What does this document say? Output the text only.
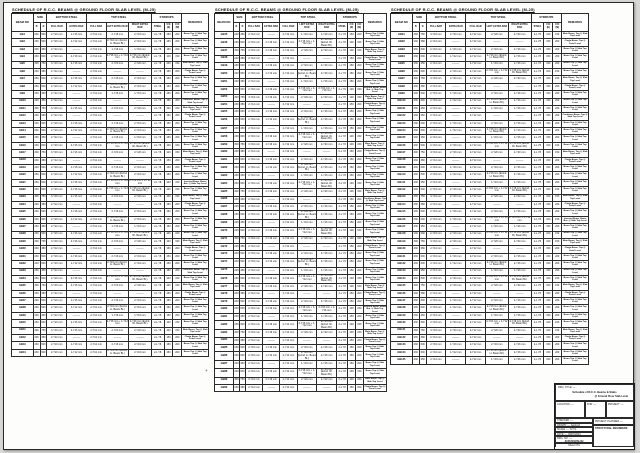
SCHEDULE OF R.C.C. BEAMS @ GROUND FLOOR SLAB LEVEL (M-25)
BEAM NO	SIZE		BOTTOM STEEL		TOP STEEL			STIRRUPS			REMARKS
	B	D	FULL BAR	EXTRA BAR	FULL BAR	LEFT EXTRA BAR	RIGHT EXTRA BAR	STEEL	C/C (E)	C/C (M)	
GB1	230	600	2-Y16 mm	1-Y16 mm	2-Y12 mm	2-Y16 mm	2-Y16 mm	2-L Y8	150	200	Beam Top @ Slab Top Level
GB2	230	600	2-Y16 mm	1-Y12 mm	2-Y12 mm	2-Y16 mm (Extnd. Lt. Beam Bt.)	2-Y16 mm	2-L Y8	150	200	Beam Top @ Slab Top Level
GB3	230	450	2-Y12 mm	———	2-Y12 mm	1-Y16 mm	1-Y16 mm	2-L Y8	150	200	Beam Top @ Slab Top Level
GB4	230	600	2-Y16 mm	2-Y16 mm	2-Y12 mm	2-Y16 mm + 1-Y12 mm	2-Y16 mm (Extnd. Rt. Beam Bt.)	2-L Y8	100	150	Beam Top @ Slab Top Level
GB5	300	750	3-Y16 mm	2-Y16 mm	2-Y12 mm	2-Y20 mm	2-Y20 mm	2-L Y8	100	150	Main Beam, Top @ Slab Top Level
GB6	230	380	2-Y12 mm	———	2-Y12 mm	———	———	2-L Y8	150	200	Chajja Beam, Top @ Lintel Level
GB7	230	600	2-Y16 mm	1-Y16 mm	2-Y12 mm	2-Y16 mm	2-Y16 mm	2-L Y8	150	200	Beam Top @ Slab Top Level
GB8	230	600	2-Y16 mm	1-Y12 mm	2-Y12 mm	2-Y16 mm (Extnd. Lt. Beam Bt.)	2-Y16 mm	2-L Y8	150	200	Beam Top @ Slab Top Level
GB9	230	450	2-Y12 mm	———	2-Y12 mm	1-Y16 mm	1-Y16 mm	2-L Y8	150	200	Beam Top @ Slab Top Level
GB10	230	450	2-Y12 mm	———	2-Y12 mm	———	———	2-L Y8	150	200	Cantilever Beam, Top @ Slab Top Level
GB11	300	750	3-Y16 mm	2-Y16 mm	2-Y12 mm	2-Y20 mm	2-Y20 mm	2-L Y8	100	150	Main Beam, Top @ Slab Top Level
GB12	230	380	2-Y12 mm	———	2-Y12 mm	———	———	2-L Y8	150	200	Chajja Beam, Top @ Lintel Level
GB13	230	600	2-Y16 mm	1-Y16 mm	2-Y12 mm	2-Y16 mm	2-Y16 mm	2-L Y8	150	200	Beam Top @ Slab Top Level
GB14	230	600	2-Y16 mm	1-Y12 mm	2-Y12 mm	2-Y16 mm (Extnd. Lt. Beam Bt.)	2-Y16 mm	2-L Y8	150	200	Beam Top @ Slab Top Level
GB15	230	450	2-Y12 mm	———	2-Y12 mm	1-Y16 mm	1-Y16 mm	2-L Y8	150	200	Beam Top @ Slab Top Level
GB16	230	600	2-Y16 mm	2-Y16 mm	2-Y12 mm	2-Y16 mm + 1-Y12 mm	2-Y16 mm (Extnd. Rt. Beam Bt.)	2-L Y8	100	150	Beam Top @ Slab Top Level
GB17	300	750	3-Y16 mm	2-Y16 mm	2-Y12 mm	2-Y20 mm	2-Y20 mm	2-L Y8	100	150	Main Beam, Top @ Slab Top Level
GB18	230	380	2-Y12 mm	———	2-Y12 mm	———	———	2-L Y8	150	200	Chajja Beam, Top @ Lintel Level
GB19	230	600	2-Y16 mm	1-Y16 mm	2-Y12 mm	2-Y16 mm	2-Y16 mm	2-L Y8	150	200	Beam Top @ Slab Top Level
GB20	230	600	2-Y16 mm	1-Y12 mm	2-Y12 mm	2-Y16 mm (Extnd. Lt. Beam Bt.)	2-Y16 mm	2-L Y8	150	200	Beam Top @ Slab Top Level
GB21	230	600	2-Y16 mm	1-Y16 mm	2-Y12 mm	2-Y16 mm + 1-Y16 mm	2-Y16 mm + 1-Y16 mm	2-L Y8	100	150	Inverted Beam, Beam Bot. @ Slab Top Level
GB22	230	600	2-Y16 mm	2-Y16 mm	2-Y12 mm	2-Y16 mm + 1-Y12 mm	2-Y16 mm (Extnd. Rt. Beam Bt.)	2-L Y8	100	150	Beam Top @ Slab Top Level
GB23	300	750	3-Y16 mm	2-Y16 mm	2-Y12 mm	2-Y20 mm	2-Y20 mm	2-L Y8	100	150	Main Beam, Top @ Slab Top Level
GB24	230	380	2-Y12 mm	———	2-Y12 mm	———	———	2-L Y8	150	200	Chajja Beam, Top @ Lintel Level
GB25	230	600	2-Y16 mm	1-Y16 mm	2-Y12 mm	2-Y16 mm	2-Y16 mm	2-L Y8	150	200	Beam Top @ Slab Top Level
GB26	230	600	2-Y16 mm	1-Y12 mm	2-Y12 mm	2-Y16 mm (Extnd. Lt. Beam Bt.)	2-Y16 mm	2-L Y8	150	200	Beam Top @ Slab Top Level
GB27	230	450	2-Y12 mm	———	2-Y12 mm	1-Y16 mm	1-Y16 mm	2-L Y8	150	200	Beam Top @ Slab Top Level
GB28	230	600	2-Y16 mm	2-Y16 mm	2-Y12 mm	2-Y16 mm + 1-Y12 mm	2-Y16 mm (Extnd. Rt. Beam Bt.)	2-L Y8	100	150	Beam Top @ Slab Top Level
GB29	300	750	3-Y16 mm	2-Y16 mm	2-Y12 mm	2-Y20 mm	2-Y20 mm	2-L Y8	100	150	Main Beam, Top @ Slab Top Level
GB30	230	380	2-Y12 mm	———	2-Y12 mm	———	———	2-L Y8	150	200	Chajja Beam, Top @ Lintel Level
GB31	230	600	2-Y16 mm	1-Y16 mm	2-Y12 mm	2-Y16 mm	2-Y16 mm	2-L Y8	150	200	Beam Top @ Slab Top Level
GB32	230	600	2-Y16 mm	1-Y12 mm	2-Y12 mm	2-Y16 mm (Extnd. Lt. Beam Bt.)	2-Y16 mm	2-L Y8	150	200	Beam Top @ Slab Top Level
GB33	230	450	2-Y12 mm	———	2-Y12 mm	———	———	2-L Y8	150	200	Cantilever Beam, Top @ Slab Top Level
GB34	230	600	2-Y16 mm	2-Y16 mm	2-Y12 mm	2-Y16 mm + 1-Y12 mm	2-Y16 mm (Extnd. Rt. Beam Bt.)	2-L Y8	100	150	Beam Top @ Slab Top Level
GB35	300	750	3-Y16 mm	2-Y16 mm	2-Y12 mm	2-Y20 mm	2-Y20 mm	2-L Y8	100	150	Main Beam, Top @ Slab Top Level
GB36	230	380	2-Y12 mm	———	2-Y12 mm	———	———	2-L Y8	150	200	Chajja Beam, Top @ Lintel Level
GB37	230	600	2-Y16 mm	1-Y16 mm	2-Y12 mm	2-Y16 mm	2-Y16 mm	2-L Y8	150	200	Beam Top @ Slab Top Level
GB38	230	600	2-Y16 mm	1-Y12 mm	2-Y12 mm	2-Y16 mm (Extnd. Lt. Beam Bt.)	2-Y16 mm	2-L Y8	150	200	Beam Top @ Slab Top Level
GB39	230	450	2-Y12 mm	———	2-Y12 mm	1-Y16 mm	1-Y16 mm	2-L Y8	150	200	Beam Top @ Slab Top Level
GB40	230	600	2-Y16 mm	2-Y16 mm	2-Y12 mm	2-Y16 mm + 1-Y12 mm	2-Y16 mm (Extnd. Rt. Beam Bt.)	2-L Y8	100	150	Beam Top @ Slab Top Level
GB41	300	750	3-Y16 mm	2-Y16 mm	2-Y12 mm	2-Y20 mm	2-Y20 mm	2-L Y8	100	150	Main Beam, Top @ Slab Top Level
GB42	230	380	2-Y12 mm	———	2-Y12 mm	———	———	2-L Y8	150	200	Chajja Beam, Top @ Lintel Level
GB43	230	600	2-Y16 mm	1-Y16 mm	2-Y12 mm	2-Y16 mm	2-Y16 mm	2-L Y8	150	200	Beam Top @ Slab Top Level
GB44	230	600	2-Y16 mm	1-Y12 mm	2-Y12 mm	2-Y16 mm (Extnd. Lt. Beam Bt.)	2-Y16 mm	2-L Y8	150	200	Beam Top @ Slab Top Level
SCHEDULE OF R.C.C. BEAMS @ GROUND FLOOR SLAB LEVEL (M-25)
BEAM NO	SIZE		BOTTOM STEEL		TOP STEEL			STIRRUPS			REMARKS
	B	D	FULL BAR	EXTRA BAR	FULL BAR	LEFT EXTRA BAR	RIGHT EXTRA BAR	STEEL	C/C (E)	C/C (M)	
GB45	230	450	2-Y12 mm	———	2-Y12 mm	1-Y16 mm	1-Y16 mm	2-L Y8	150	200	Beam Top @ Slab Top Level
GB46	230	600	2-Y16 mm	2-Y16 mm	2-Y12 mm	2-Y16 mm + 1-Y12 mm	2-Y16 mm (Extnd. Rt. Beam Bt.)	2-L Y8	100	150	Beam Top @ Slab Top Level
GB47	300	750	3-Y16 mm	2-Y16 mm	2-Y12 mm	2-Y20 mm	2-Y20 mm	2-L Y8	100	150	Main Beam, Top @ Slab Top Level
GB48	230	380	2-Y12 mm	———	2-Y12 mm	———	———	2-L Y8	150	200	Chajja Beam, Top @ Lintel Level
GB49	230	600	2-Y16 mm	1-Y16 mm	2-Y12 mm	2-Y16 mm	2-Y16 mm	2-L Y8	150	200	Beam Top @ Slab Top Level
GB50	230	600	2-Y16 mm	1-Y12 mm	2-Y12 mm	2-Y16 mm (Extnd. Lt. Beam Bt.)	2-Y16 mm	2-L Y8	150	200	Beam Top @ Slab Top Level
GB51	230	450	2-Y12 mm	———	2-Y12 mm	1-Y16 mm	1-Y16 mm	2-L Y8	150	200	Beam Top @ Slab Top Level
GB52	230	600	2-Y16 mm	1-Y16 mm	2-Y12 mm	2-Y16 mm + 1-Y16 mm	2-Y16 mm + 1-Y16 mm	2-L Y8	100	150	Inverted Beam, Beam Bot. @ Slab Top Level
GB53	300	750	3-Y16 mm	2-Y16 mm	2-Y12 mm	2-Y20 mm	2-Y20 mm	2-L Y8	100	150	Main Beam, Top @ Slab Top Level
GB54	230	380	2-Y12 mm	———	2-Y12 mm	———	———	2-L Y8	150	200	Chajja Beam, Top @ Lintel Level
GB55	230	600	2-Y16 mm	1-Y16 mm	2-Y12 mm	2-Y16 mm	2-Y16 mm	2-L Y8	150	200	Beam Top @ Slab Top Level
GB56	230	600	2-Y16 mm	1-Y12 mm	2-Y12 mm	2-Y16 mm (Extnd. Lt. Beam Bt.)	2-Y16 mm	2-L Y8	150	200	Beam Top @ Slab Top Level
GB57	230	450	2-Y12 mm	———	2-Y12 mm	1-Y16 mm	1-Y16 mm	2-L Y8	150	200	Beam Top @ Slab Top Level
GB58	230	600	2-Y16 mm	2-Y16 mm	2-Y12 mm	2-Y16 mm + 1-Y12 mm	2-Y16 mm (Extnd. Rt. Beam Bt.)	2-L Y8	100	150	Beam Top @ Slab Top Level
GB59	300	750	3-Y16 mm	2-Y16 mm	2-Y12 mm	2-Y20 mm	2-Y20 mm	2-L Y8	100	150	Main Beam, Top @ Slab Top Level
GB60	230	380	2-Y12 mm	———	2-Y12 mm	———	———	2-L Y8	150	200	Chajja Beam, Top @ Lintel Level
GB61	230	600	2-Y16 mm	1-Y16 mm	2-Y12 mm	2-Y16 mm	2-Y16 mm	2-L Y8	150	200	Beam Top @ Slab Top Level
GB62	230	600	2-Y16 mm	1-Y12 mm	2-Y12 mm	2-Y16 mm (Extnd. Lt. Beam Bt.)	2-Y16 mm	2-L Y8	150	200	Beam Top @ Slab Top Level
GB63	230	450	2-Y12 mm	———	2-Y12 mm	1-Y16 mm	1-Y16 mm	2-L Y8	150	200	Beam Top @ Slab Top Level
GB64	230	600	2-Y16 mm	2-Y16 mm	2-Y12 mm	2-Y16 mm + 1-Y12 mm	2-Y16 mm (Extnd. Rt. Beam Bt.)	2-L Y8	100	150	Beam Top @ Slab Top Level
GB65	300	750	3-Y16 mm	2-Y16 mm	2-Y12 mm	2-Y20 mm	2-Y20 mm	2-L Y8	100	150	Main Beam, Top @ Slab Top Level
GB66	230	450	2-Y12 mm	———	2-Y12 mm	———	———	2-L Y8	150	200	Cantilever Beam, Top @ Slab Top Level
GB67	230	600	2-Y16 mm	1-Y16 mm	2-Y12 mm	2-Y16 mm	2-Y16 mm	2-L Y8	150	200	Beam Top @ Slab Top Level
GB68	230	600	2-Y16 mm	1-Y12 mm	2-Y12 mm	2-Y16 mm (Extnd. Lt. Beam Bt.)	2-Y16 mm	2-L Y8	150	200	Beam Top @ Slab Top Level
GB69	230	450	2-Y12 mm	———	2-Y12 mm	1-Y16 mm	1-Y16 mm	2-L Y8	150	200	Beam Top @ Slab Top Level
GB70	230	600	2-Y16 mm	2-Y16 mm	2-Y12 mm	2-Y16 mm + 1-Y12 mm	2-Y16 mm (Extnd. Rt. Beam Bt.)	2-L Y8	100	150	Beam Top @ Slab Top Level
GB71	300	750	3-Y16 mm	2-Y16 mm	2-Y12 mm	2-Y20 mm	2-Y20 mm	2-L Y8	100	150	Main Beam, Top @ Slab Top Level
GB72	230	380	2-Y12 mm	———	2-Y12 mm	———	———	2-L Y8	150	200	Chajja Beam, Top @ Lintel Level
GB73	230	600	2-Y16 mm	1-Y16 mm	2-Y12 mm	2-Y16 mm	2-Y16 mm	2-L Y8	150	200	Beam Top @ Slab Top Level
GB74	230	600	2-Y16 mm	1-Y12 mm	2-Y12 mm	2-Y16 mm (Extnd. Lt. Beam Bt.)	2-Y16 mm	2-L Y8	150	200	Beam Top @ Slab Top Level
GB75	230	450	2-Y12 mm	———	2-Y12 mm	1-Y16 mm	1-Y16 mm	2-L Y8	150	200	Beam Top @ Slab Top Level
GB76	230	600	2-Y16 mm	2-Y16 mm	2-Y12 mm	2-Y16 mm + 1-Y12 mm	2-Y16 mm (Extnd. Rt. Beam Bt.)	2-L Y8	100	150	Beam Top @ Slab Top Level
GB77	300	750	3-Y16 mm	2-Y16 mm	2-Y12 mm	2-Y20 mm	2-Y20 mm	2-L Y8	100	150	Main Beam, Top @ Slab Top Level
GB78	230	380	2-Y12 mm	———	2-Y12 mm	———	———	2-L Y8	150	200	Chajja Beam, Top @ Lintel Level
GB79	230	600	2-Y16 mm	1-Y16 mm	2-Y12 mm	2-Y16 mm	2-Y16 mm	2-L Y8	150	200	Beam Top @ Slab Top Level
GB80	230	600	2-Y16 mm	1-Y16 mm	2-Y12 mm	2-Y16 mm + 1-Y16 mm	2-Y16 mm + 1-Y16 mm	2-L Y8	100	150	Inverted Beam, Beam Bot. @ Slab Top Level
GB81	230	450	2-Y12 mm	———	2-Y12 mm	1-Y16 mm	1-Y16 mm	2-L Y8	150	200	Beam Top @ Slab Top Level
GB82	230	600	2-Y16 mm	2-Y16 mm	2-Y12 mm	2-Y16 mm + 1-Y12 mm	2-Y16 mm (Extnd. Rt. Beam Bt.)	2-L Y8	100	150	Beam Top @ Slab Top Level
GB83	300	750	3-Y16 mm	2-Y16 mm	2-Y12 mm	2-Y20 mm	2-Y20 mm	2-L Y8	100	150	Main Beam, Top @ Slab Top Level
GB84	230	380	2-Y12 mm	———	2-Y12 mm	———	———	2-L Y8	150	200	Chajja Beam, Top @ Lintel Level
GB85	230	600	2-Y16 mm	1-Y16 mm	2-Y12 mm	2-Y16 mm	2-Y16 mm	2-L Y8	150	200	Beam Top @ Slab Top Level
GB86	230	600	2-Y16 mm	1-Y12 mm	2-Y12 mm	2-Y16 mm (Extnd. Lt. Beam Bt.)	2-Y16 mm	2-L Y8	150	200	Beam Top @ Slab Top Level
GB87	230	450	2-Y12 mm	———	2-Y12 mm	1-Y16 mm	1-Y16 mm	2-L Y8	150	200	Beam Top @ Slab Top Level
GB88	230	600	2-Y16 mm	2-Y16 mm	2-Y12 mm	2-Y16 mm + 1-Y12 mm	2-Y16 mm (Extnd. Rt. Beam Bt.)	2-L Y8	100	150	Beam Top @ Slab Top Level
GB89	300	750	3-Y16 mm	2-Y16 mm	2-Y12 mm	2-Y20 mm	2-Y20 mm	2-L Y8	100	150	Main Beam, Top @ Slab Top Level
GB90	230	380	2-Y12 mm	———	2-Y12 mm	———	———	2-L Y8	150	200	Chajja Beam, Top @ Lintel Level
SCHEDULE OF R.C.C. BEAMS @ GROUND FLOOR SLAB LEVEL (M-25)
BEAM NO	SIZE		BOTTOM STEEL		TOP STEEL			STIRRUPS			REMARKS
	B	D	FULL BAR	EXTRA BAR	FULL BAR	LEFT EXTRA BAR	RIGHT EXTRA BAR	STEEL	C/C (E)	C/C (M)	
GB91	300	750	3-Y16 mm	2-Y16 mm	2-Y12 mm	2-Y20 mm	2-Y20 mm	2-L Y8	100	150	Main Beam, Top @ Slab Top Level
GB92	230	380	2-Y12 mm	———	2-Y12 mm	———	———	2-L Y8	150	200	Chajja Beam, Top @ Lintel Level
GB93	230	600	2-Y16 mm	1-Y16 mm	2-Y12 mm	2-Y16 mm	2-Y16 mm	2-L Y8	150	200	Beam Top @ Slab Top Level
GB94	230	600	2-Y16 mm	1-Y12 mm	2-Y12 mm	2-Y16 mm (Extnd. Lt. Beam Bt.)	2-Y16 mm	2-L Y8	150	200	Beam Top @ Slab Top Level
GB95	230	450	2-Y12 mm	———	2-Y12 mm	1-Y16 mm	1-Y16 mm	2-L Y8	150	200	Beam Top @ Slab Top Level
GB96	230	600	2-Y16 mm	2-Y16 mm	2-Y12 mm	2-Y16 mm + 1-Y12 mm	2-Y16 mm (Extnd. Rt. Beam Bt.)	2-L Y8	100	150	Beam Top @ Slab Top Level
GB97	300	750	3-Y16 mm	2-Y16 mm	2-Y12 mm	2-Y20 mm	2-Y20 mm	2-L Y8	100	150	Main Beam, Top @ Slab Top Level
GB98	230	380	2-Y12 mm	———	2-Y12 mm	———	———	2-L Y8	150	200	Chajja Beam, Top @ Lintel Level
GB99	230	600	2-Y16 mm	1-Y16 mm	2-Y12 mm	2-Y16 mm	2-Y16 mm	2-L Y8	150	200	Beam Top @ Slab Top Level
GB100	230	600	2-Y16 mm	1-Y12 mm	2-Y12 mm	2-Y16 mm (Extnd. Lt. Beam Bt.)	2-Y16 mm	2-L Y8	150	200	Beam Top @ Slab Top Level
GB101	230	450	2-Y12 mm	———	2-Y12 mm	1-Y16 mm	1-Y16 mm	2-L Y8	150	200	Beam Top @ Slab Top Level
GB102	230	450	2-Y12 mm	———	2-Y12 mm	———	———	2-L Y8	150	200	Cantilever Beam, Top @ Slab Top Level
GB103	230	600	2-Y16 mm	1-Y16 mm	2-Y12 mm	2-Y16 mm	2-Y16 mm	2-L Y8	150	200	Beam Top @ Slab Top Level
GB104	230	600	2-Y16 mm	1-Y12 mm	2-Y12 mm	2-Y16 mm (Extnd. Lt. Beam Bt.)	2-Y16 mm	2-L Y8	150	200	Beam Top @ Slab Top Level
GB105	230	450	2-Y12 mm	———	2-Y12 mm	1-Y16 mm	1-Y16 mm	2-L Y8	150	200	Beam Top @ Slab Top Level
GB106	230	600	2-Y16 mm	2-Y16 mm	2-Y12 mm	2-Y16 mm + 1-Y12 mm	2-Y16 mm (Extnd. Rt. Beam Bt.)	2-L Y8	100	150	Beam Top @ Slab Top Level
GB107	300	750	3-Y16 mm	2-Y16 mm	2-Y12 mm	2-Y20 mm	2-Y20 mm	2-L Y8	100	150	Main Beam, Top @ Slab Top Level
GB108	230	380	2-Y12 mm	———	2-Y12 mm	———	———	2-L Y8	150	200	Chajja Beam, Top @ Lintel Level
GB109	230	600	2-Y16 mm	1-Y16 mm	2-Y12 mm	2-Y16 mm	2-Y16 mm	2-L Y8	150	200	Beam Top @ Slab Top Level
GB110	230	600	2-Y16 mm	1-Y12 mm	2-Y12 mm	2-Y16 mm (Extnd. Lt. Beam Bt.)	2-Y16 mm	2-L Y8	150	200	Beam Top @ Slab Top Level
GB111	230	450	2-Y12 mm	———	2-Y12 mm	1-Y16 mm	1-Y16 mm	2-L Y8	150	200	Beam Top @ Slab Top Level
GB112	230	600	2-Y16 mm	2-Y16 mm	2-Y12 mm	2-Y16 mm + 1-Y12 mm	2-Y16 mm (Extnd. Rt. Beam Bt.)	2-L Y8	100	150	Beam Top @ Slab Top Level
GB113	300	750	3-Y16 mm	2-Y16 mm	2-Y12 mm	2-Y20 mm	2-Y20 mm	2-L Y8	100	150	Main Beam, Top @ Slab Top Level
GB114	230	380	2-Y12 mm	———	2-Y12 mm	———	———	2-L Y8	150	200	Chajja Beam, Top @ Lintel Level
GB115	230	600	2-Y16 mm	1-Y16 mm	2-Y12 mm	2-Y16 mm	2-Y16 mm	2-L Y8	150	200	Beam Top @ Slab Top Level
GB116	230	600	2-Y16 mm	1-Y16 mm	2-Y12 mm	2-Y16 mm + 1-Y16 mm	2-Y16 mm + 1-Y16 mm	2-L Y8	100	150	Inverted Beam, Beam Bot. @ Slab Top Level
GB117	230	450	2-Y12 mm	———	2-Y12 mm	1-Y16 mm	1-Y16 mm	2-L Y8	150	200	Beam Top @ Slab Top Level
GB118	230	600	2-Y16 mm	2-Y16 mm	2-Y12 mm	2-Y16 mm + 1-Y12 mm	2-Y16 mm (Extnd. Rt. Beam Bt.)	2-L Y8	100	150	Beam Top @ Slab Top Level
GB119	300	750	3-Y16 mm	2-Y16 mm	2-Y12 mm	2-Y20 mm	2-Y20 mm	2-L Y8	100	150	Main Beam, Top @ Slab Top Level
GB120	230	380	2-Y12 mm	———	2-Y12 mm	———	———	2-L Y8	150	200	Chajja Beam, Top @ Lintel Level
GB121	230	600	2-Y16 mm	1-Y16 mm	2-Y12 mm	2-Y16 mm	2-Y16 mm	2-L Y8	150	200	Beam Top @ Slab Top Level
GB122	230	600	2-Y16 mm	1-Y12 mm	2-Y12 mm	2-Y16 mm (Extnd. Lt. Beam Bt.)	2-Y16 mm	2-L Y8	150	200	Beam Top @ Slab Top Level
GB123	230	450	2-Y12 mm	———	2-Y12 mm	1-Y16 mm	1-Y16 mm	2-L Y8	150	200	Beam Top @ Slab Top Level
GB124	230	600	2-Y16 mm	2-Y16 mm	2-Y12 mm	2-Y16 mm + 1-Y12 mm	2-Y16 mm (Extnd. Rt. Beam Bt.)	2-L Y8	100	150	Beam Top @ Slab Top Level
GB125	300	750	3-Y16 mm	2-Y16 mm	2-Y12 mm	2-Y20 mm	2-Y20 mm	2-L Y8	100	150	Main Beam, Top @ Slab Top Level
GB126	230	380	2-Y12 mm	———	2-Y12 mm	———	———	2-L Y8	150	200	Chajja Beam, Top @ Lintel Level
GB127	230	600	2-Y16 mm	1-Y16 mm	2-Y12 mm	2-Y16 mm	2-Y16 mm	2-L Y8	150	200	Beam Top @ Slab Top Level
GB128	230	600	2-Y16 mm	1-Y12 mm	2-Y12 mm	2-Y16 mm (Extnd. Lt. Beam Bt.)	2-Y16 mm	2-L Y8	150	200	Beam Top @ Slab Top Level
GB129	230	450	2-Y12 mm	———	2-Y12 mm	1-Y16 mm	1-Y16 mm	2-L Y8	150	200	Beam Top @ Slab Top Level
GB130	230	600	2-Y16 mm	2-Y16 mm	2-Y12 mm	2-Y16 mm + 1-Y12 mm	2-Y16 mm (Extnd. Rt. Beam Bt.)	2-L Y8	100	150	Beam Top @ Slab Top Level
GB131	300	750	3-Y16 mm	2-Y16 mm	2-Y12 mm	2-Y20 mm	2-Y20 mm	2-L Y8	100	150	Main Beam, Top @ Slab Top Level
GB132	230	380	2-Y12 mm	———	2-Y12 mm	———	———	2-L Y8	150	200	Chajja Beam, Top @ Lintel Level
GB133	230	600	2-Y16 mm	1-Y16 mm	2-Y12 mm	2-Y16 mm	2-Y16 mm	2-L Y8	150	200	Beam Top @ Slab Top Level
GB134	230	600	2-Y16 mm	1-Y12 mm	2-Y12 mm	2-Y16 mm (Extnd. Lt. Beam Bt.)	2-Y16 mm	2-L Y8	150	200	Beam Top @ Slab Top Level
GB135	230	450	2-Y12 mm	———	2-Y12 mm	1-Y16 mm	1-Y16 mm	2-L Y8	150	200	Beam Top @ Slab Top Level
+
+
DRG. TITLE :—
Schedule of R.C.C. Beams & Slabs
@ Ground Floor Slab Level
LOCATION :—	FOR :—	PROJECT :—
CHECKED :—
DRAWN :— Santosh
SCALE :— N.T.S.
DATE :— 06/07/2004
DRG. NO. :—
ACRUX/GFSL/02
Sheet 07A
PROJECT PLANNER :—
STRUCTURAL ENGINEERS
